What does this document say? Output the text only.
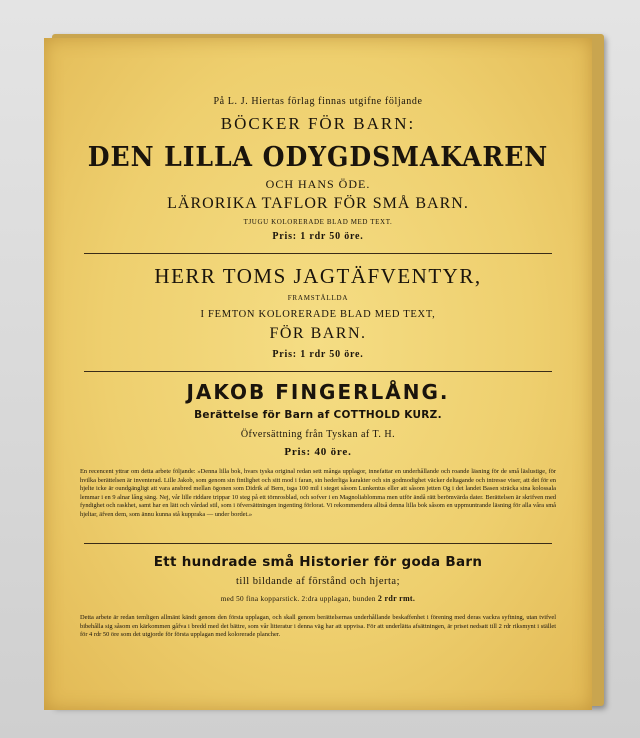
På L. J. Hiertas förlag finnas utgifne följande
BÖCKER FÖR BARN:
DEN LILLA ODYGDSMAKAREN
OCH HANS ÖDE.
LÄRORIKA TAFLOR FÖR SMÅ BARN.
TJUGU KOLORERADE BLAD MED TEXT.
Pris: 1 rdr 50 öre.
HERR TOMS JAGTÄFVENTYR,
FRAMSTÄLLDA
I FEMTON KOLORERADE BLAD MED TEXT,
FÖR BARN.
Pris: 1 rdr 50 öre.
JAKOB FINGERLÅNG.
Berättelse för Barn af COTTHOLD KURZ.
Öfversättning från Tyskan af T. H.
Pris: 40 öre.
En recencent yttrar om detta arbete följande: »Denna lilla bok, hvars tyska original redan sett många upplagor, innefattar en underhållande och roande läsning för de små läslustige, för hvilka berättelsen är inventerad. Lille Jakob, som genom sin fintlighet och sitt mod i faran, sin hederliga karakter och sin godmodighet väcker deltagande och intresse viser, att det för en hjelte icke är oundgängligt att vara ansbred mellan ögonen som Didrik af Bern, tsga 100 mil i steget såsom Lunkentus eller att såsom jetten Og i det landet Basen sträcka sina kolossala lemmar i en 9 alnar lång säng. Nej, vår lille riddare trippar 10 steg på ett törnrosblad, och sofver i en Magnoliablomma men utför ändå rätt berömvärda dater. Berättelsen är skrifven med fyndighet och raskhet, samt har en lätt och vårdad stil, som i öfversättningen ingenting förlorat. Vi rekommendera alltså denna lilla bok såsom en uppmuntrande läsning för alla våra små hjeltar, äfven dem, som ännu kunna stå kupprakа — under bordet.»
Ett hundrade små Historier för goda Barn
till bildande af förstånd och hjerta;
med 50 fina kopparstick. 2:dra upplagan, bunden 2 rdr rmt.
Detta arbete är redan temligen allmänt kändt genom den första upplagan, och skall genom berättelsernas underhållande beskaffenhet i förening med deras vackra syftning, utan tvifvel bibehålla sig såsom en kärkommen gåfva i bredd med det bättre, som vår litteratur i denna väg har att uppvisa. För att underlätta afsättningen, är priset nedsatt till 2 rdr riksmynt i stället för 4 rdr 50 öre som det utgjorde för första upplagan med kolorerade plancher.
